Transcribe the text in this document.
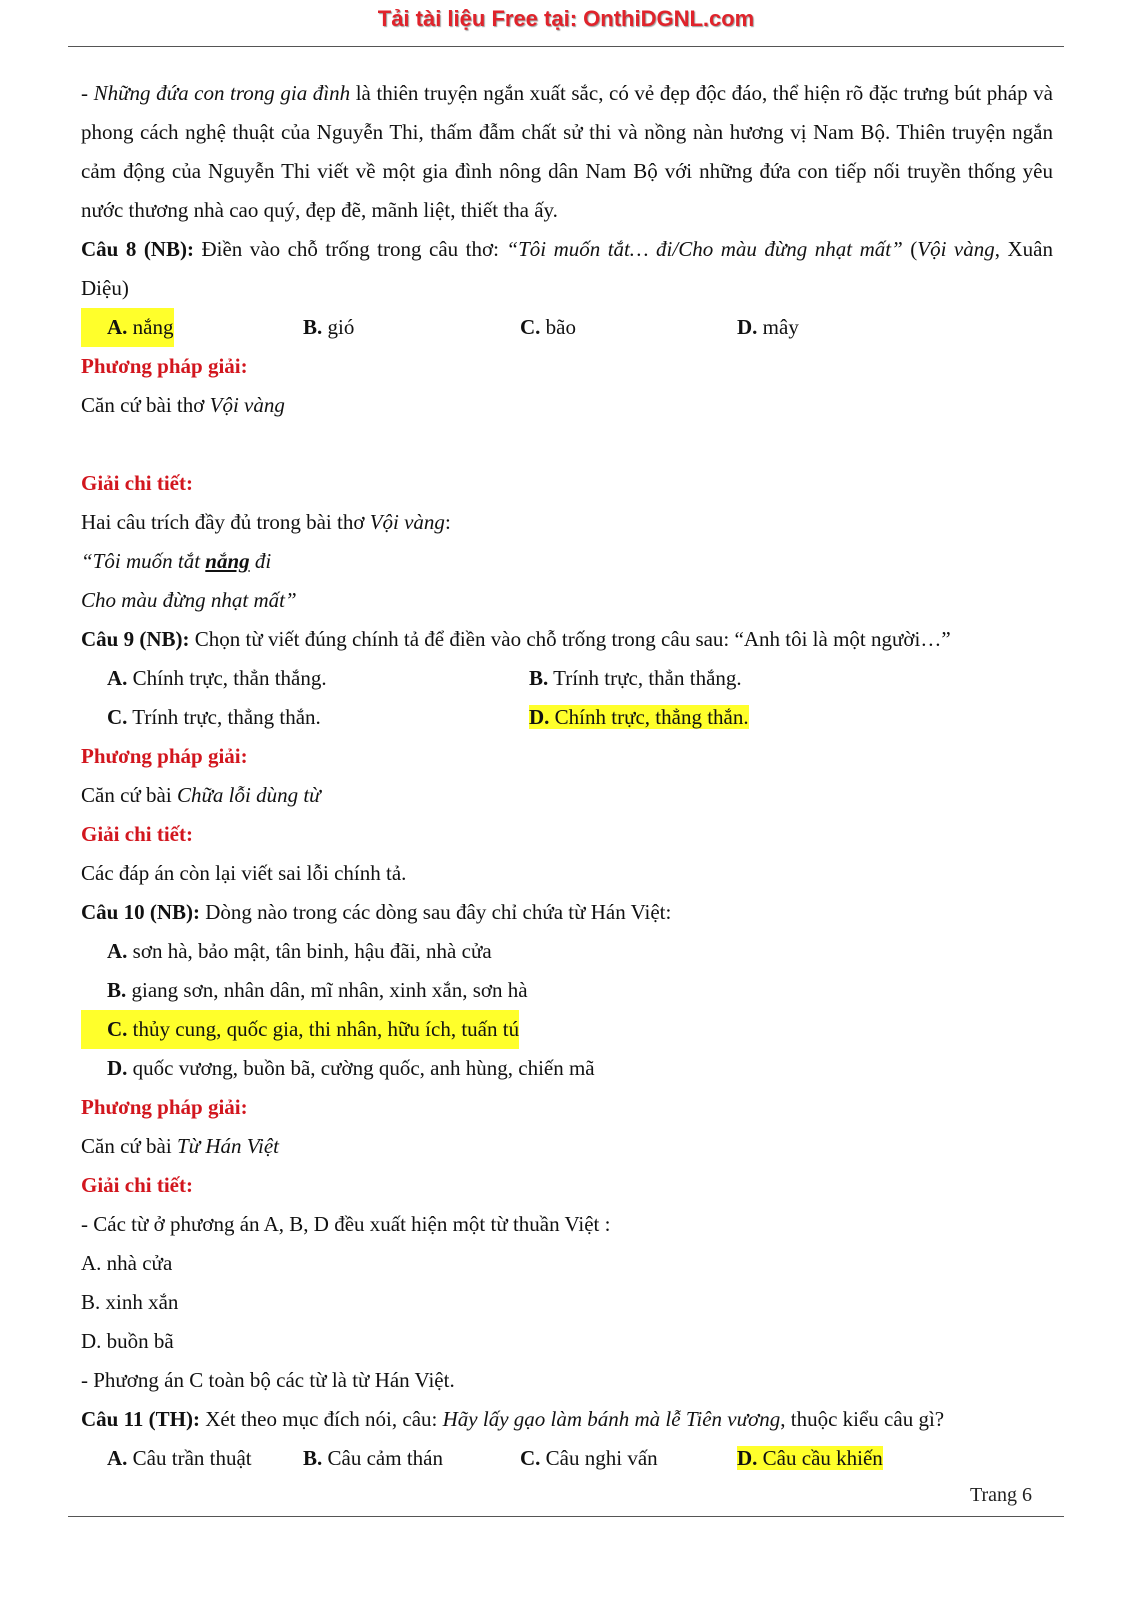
Tải tài liệu Free tại: OnthiDGNL.com

- Những đứa con trong gia đình là thiên truyện ngắn xuất sắc, có vẻ đẹp độc đáo, thể hiện rõ đặc trưng bút pháp và phong cách nghệ thuật của Nguyễn Thi, thấm đẫm chất sử thi và nồng nàn hương vị Nam Bộ. Thiên truyện ngắn cảm động của Nguyễn Thi viết về một gia đình nông dân Nam Bộ với những đứa con tiếp nối truyền thống yêu nước thương nhà cao quý, đẹp đẽ, mãnh liệt, thiết tha ấy.

Câu 8 (NB): Điền vào chỗ trống trong câu thơ: “Tôi muốn tắt… đi/Cho màu đừng nhạt mất” (Vội vàng, Xuân Diệu)

A. nắng	B. gió	C. bão	D. mây

Phương pháp giải:

Căn cứ bài thơ Vội vàng

Giải chi tiết:

Hai câu trích đầy đủ trong bài thơ Vội vàng:

“Tôi muốn tắt nắng đi

Cho màu đừng nhạt mất”

Câu 9 (NB): Chọn từ viết đúng chính tả để điền vào chỗ trống trong câu sau: “Anh tôi là một người…”

A. Chính trực, thẳn thắng.	B. Trính trực, thẳn thắng.
C. Trính trực, thẳng thắn.	D. Chính trực, thẳng thắn.

Phương pháp giải:

Căn cứ bài Chữa lỗi dùng từ

Giải chi tiết:

Các đáp án còn lại viết sai lỗi chính tả.

Câu 10 (NB): Dòng nào trong các dòng sau đây chỉ chứa từ Hán Việt:

A. sơn hà, bảo mật, tân binh, hậu đãi, nhà cửa

B. giang sơn, nhân dân, mĩ nhân, xinh xắn, sơn hà

C. thủy cung, quốc gia, thi nhân, hữu ích, tuấn tú

D. quốc vương, buồn bã, cường quốc, anh hùng, chiến mã

Phương pháp giải:

Căn cứ bài Từ Hán Việt

Giải chi tiết:

- Các từ ở phương án A, B, D đều xuất hiện một từ thuần Việt :

A. nhà cửa

B. xinh xắn

D. buồn bã

- Phương án C toàn bộ các từ là từ Hán Việt.

Câu 11 (TH): Xét theo mục đích nói, câu: Hãy lấy gạo làm bánh mà lễ Tiên vương, thuộc kiểu câu gì?

A. Câu trần thuật	B. Câu cảm thán	C. Câu nghi vấn	D. Câu cầu khiến
Trang 6
